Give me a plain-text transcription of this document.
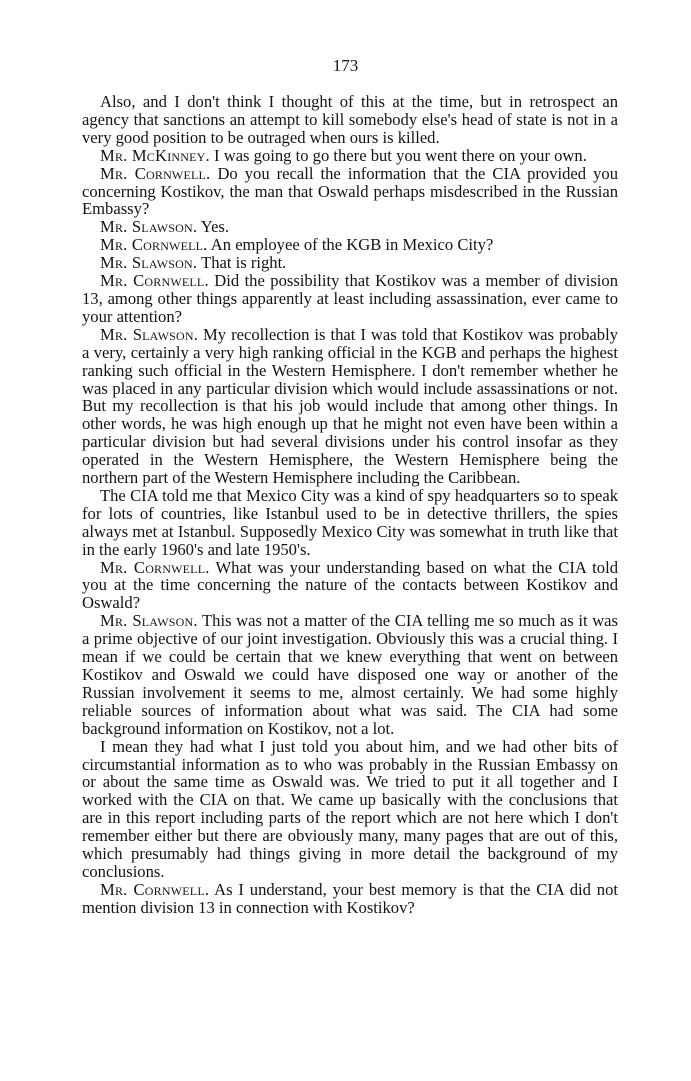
173

Also, and I don't think I thought of this at the time, but in retrospect an agency that sanctions an attempt to kill somebody else's head of state is not in a very good position to be outraged when ours is killed.

Mr. McKinney. I was going to go there but you went there on your own.

Mr. Cornwell. Do you recall the information that the CIA provided you concerning Kostikov, the man that Oswald perhaps misdescribed in the Russian Embassy?

Mr. Slawson. Yes.

Mr. Cornwell. An employee of the KGB in Mexico City?

Mr. Slawson. That is right.

Mr. Cornwell. Did the possibility that Kostikov was a member of division 13, among other things apparently at least including assassination, ever came to your attention?

Mr. Slawson. My recollection is that I was told that Kostikov was probably a very, certainly a very high ranking official in the KGB and perhaps the highest ranking such official in the Western Hemisphere. I don't remember whether he was placed in any particular division which would include assassinations or not. But my recollection is that his job would include that among other things. In other words, he was high enough up that he might not even have been within a particular division but had several divisions under his control insofar as they operated in the Western Hemisphere, the Western Hemisphere being the northern part of the Western Hemisphere including the Caribbean.

The CIA told me that Mexico City was a kind of spy headquarters so to speak for lots of countries, like Istanbul used to be in detective thrillers, the spies always met at Istanbul. Supposedly Mexico City was somewhat in truth like that in the early 1960's and late 1950's.

Mr. Cornwell. What was your understanding based on what the CIA told you at the time concerning the nature of the contacts between Kostikov and Oswald?

Mr. Slawson. This was not a matter of the CIA telling me so much as it was a prime objective of our joint investigation. Obviously this was a crucial thing. I mean if we could be certain that we knew everything that went on between Kostikov and Oswald we could have disposed one way or another of the Russian involvement it seems to me, almost certainly. We had some highly reliable sources of information about what was said. The CIA had some background information on Kostikov, not a lot.

I mean they had what I just told you about him, and we had other bits of circumstantial information as to who was probably in the Russian Embassy on or about the same time as Oswald was. We tried to put it all together and I worked with the CIA on that. We came up basically with the conclusions that are in this report including parts of the report which are not here which I don't remember either but there are obviously many, many pages that are out of this, which presumably had things giving in more detail the background of my conclusions.

Mr. Cornwell. As I understand, your best memory is that the CIA did not mention division 13 in connection with Kostikov?
